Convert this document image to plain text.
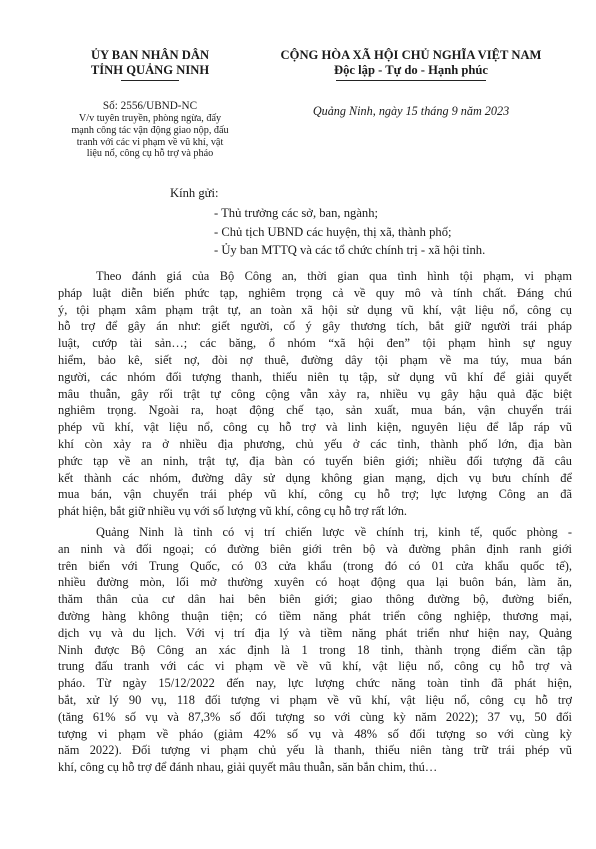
ỦY BAN NHÂN DÂN
TỈNH QUẢNG NINH
CỘNG HÒA XÃ HỘI CHỦ NGHĨA VIỆT NAM
Độc lập - Tự do - Hạnh phúc
Số: 2556/UBND-NC
V/v tuyên truyền, phòng ngừa, đấy
mạnh công tác vận động giao nộp, đấu
tranh với các vi phạm về vũ khí, vật
liệu nổ, công cụ hỗ trợ và pháo
Quảng Ninh, ngày 15 tháng 9 năm 2023
Kính gửi:
- Thủ trưởng các sở, ban, ngành;
- Chủ tịch UBND các huyện, thị xã, thành phố;
- Ủy ban MTTQ và các tổ chức chính trị - xã hội tỉnh.
Theo đánh giá của Bộ Công an, thời gian qua tình hình tội phạm, vi phạm
pháp luật diễn biến phức tạp, nghiêm trọng cả về quy mô và tính chất. Đáng chú
ý, tội phạm xâm phạm trật tự, an toàn xã hội sử dụng vũ khí, vật liệu nổ, công cụ
hỗ trợ để gây án như: giết người, cố ý gây thương tích, bắt giữ người trái pháp
luật, cướp tài sản…; các băng, ổ nhóm “xã hội đen” tội phạm hình sự nguy
hiểm, bảo kê, siết nợ, đòi nợ thuê, đường dây tội phạm về ma túy, mua bán
người, các nhóm đối tượng thanh, thiếu niên tụ tập, sử dụng vũ khí để giải quyết
mâu thuẫn, gây rối trật tự công cộng vẫn xảy ra, nhiều vụ gây hậu quả đặc biệt
nghiêm trọng. Ngoài ra, hoạt động chế tạo, sản xuất, mua bán, vận chuyển trái
phép vũ khí, vật liệu nổ, công cụ hỗ trợ và linh kiện, nguyên liệu để lắp ráp vũ
khí còn xảy ra ở nhiều địa phương, chủ yếu ở các tỉnh, thành phố lớn, địa bàn
phức tạp về an ninh, trật tự, địa bàn có tuyến biên giới; nhiều đối tượng đã câu
kết thành các nhóm, đường dây sử dụng không gian mạng, dịch vụ bưu chính để
mua bán, vận chuyển trái phép vũ khí, công cụ hỗ trợ; lực lượng Công an đã
phát hiện, bắt giữ nhiều vụ với số lượng vũ khí, công cụ hỗ trợ rất lớn.
Quảng Ninh là tỉnh có vị trí chiến lược về chính trị, kinh tế, quốc phòng -
an ninh và đối ngoại; có đường biên giới trên bộ và đường phân định ranh giới
trên biển với Trung Quốc, có 03 cửa khẩu (trong đó có 01 cửa khẩu quốc tế),
nhiều đường mòn, lối mở thường xuyên có hoạt động qua lại buôn bán, làm ăn,
thăm thân của cư dân hai bên biên giới; giao thông đường bộ, đường biển,
đường hàng không thuận tiện; có tiềm năng phát triển công nghiệp, thương mại,
dịch vụ và du lịch. Với vị trí địa lý và tiềm năng phát triển như hiện nay, Quảng
Ninh được Bộ Công an xác định là 1 trong 18 tỉnh, thành trọng điểm cần tập
trung đấu tranh với các vi phạm về về vũ khí, vật liệu nổ, công cụ hỗ trợ và
pháo. Từ ngày 15/12/2022 đến nay, lực lượng chức năng toàn tỉnh đã phát hiện,
bắt, xử lý 90 vụ, 118 đối tượng vi phạm về vũ khí, vật liệu nổ, công cụ hỗ trợ
(tăng 61% số vụ và 87,3% số đối tượng so với cùng kỳ năm 2022); 37 vụ, 50 đối
tượng vi phạm về pháo (giảm 42% số vụ và 48% số đối tượng so với cùng kỳ
năm 2022). Đối tượng vi phạm chủ yếu là thanh, thiếu niên tàng trữ trái phép vũ
khí, công cụ hỗ trợ để đánh nhau, giải quyết mâu thuẫn, săn bắn chim, thú…
